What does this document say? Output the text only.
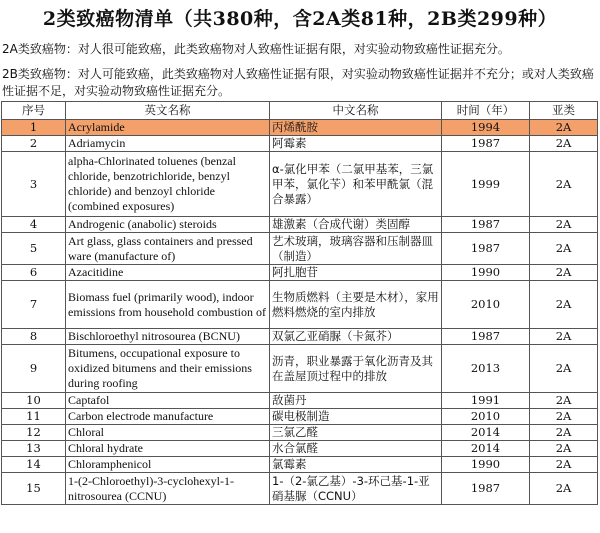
2类致癌物清单（共380种，含2A类81种，2B类299种）
2A类致癌物：对人很可能致癌，此类致癌物对人致癌性证据有限，对实验动物致癌性证据充分。
2B类致癌物：对人可能致癌，此类致癌物对人致癌性证据有限，对实验动物致癌性证据并不充分；或对人类致癌性证据不足，对实验动物致癌性证据充分。
序号	英文名称	中文名称	时间（年）	亚类
1	Acrylamide	丙烯酰胺	1994	2A
2	Adriamycin	阿霉素	1987	2A
3	alpha-Chlorinated toluenes (benzal chloride, benzotrichloride, benzyl chloride) and benzoyl chloride (combined exposures)	α-氯化甲苯（二氯甲基苯，三氯甲苯，氯化苄）和苯甲酰氯（混合暴露）	1999	2A
4	Androgenic (anabolic) steroids	雄激素（合成代谢）类固醇	1987	2A
5	Art glass, glass containers and pressed ware (manufacture of)	艺术玻璃，玻璃容器和压制器皿（制造）	1987	2A
6	Azacitidine	阿扎胞苷	1990	2A
7	Biomass fuel (primarily wood), indoor emissions from household combustion of	生物质燃料（主要是木材），家用燃料燃烧的室内排放	2010	2A
8	Bischloroethyl nitrosourea (BCNU)	双氯乙亚硝脲（卡氮芥）	1987	2A
9	Bitumens, occupational exposure to oxidized bitumens and their emissions during roofing	沥青，职业暴露于氧化沥青及其在盖屋顶过程中的排放	2013	2A
10	Captafol	敌菌丹	1991	2A
11	Carbon electrode manufacture	碳电极制造	2010	2A
12	Chloral	三氯乙醛	2014	2A
13	Chloral hydrate	水合氯醛	2014	2A
14	Chloramphenicol	氯霉素	1990	2A
15	1-(2-Chloroethyl)-3-cyclohexyl-1-nitrosourea (CCNU)	1-（2-氯乙基）-3-环己基-1-亚硝基脲（CCNU）	1987	2A
